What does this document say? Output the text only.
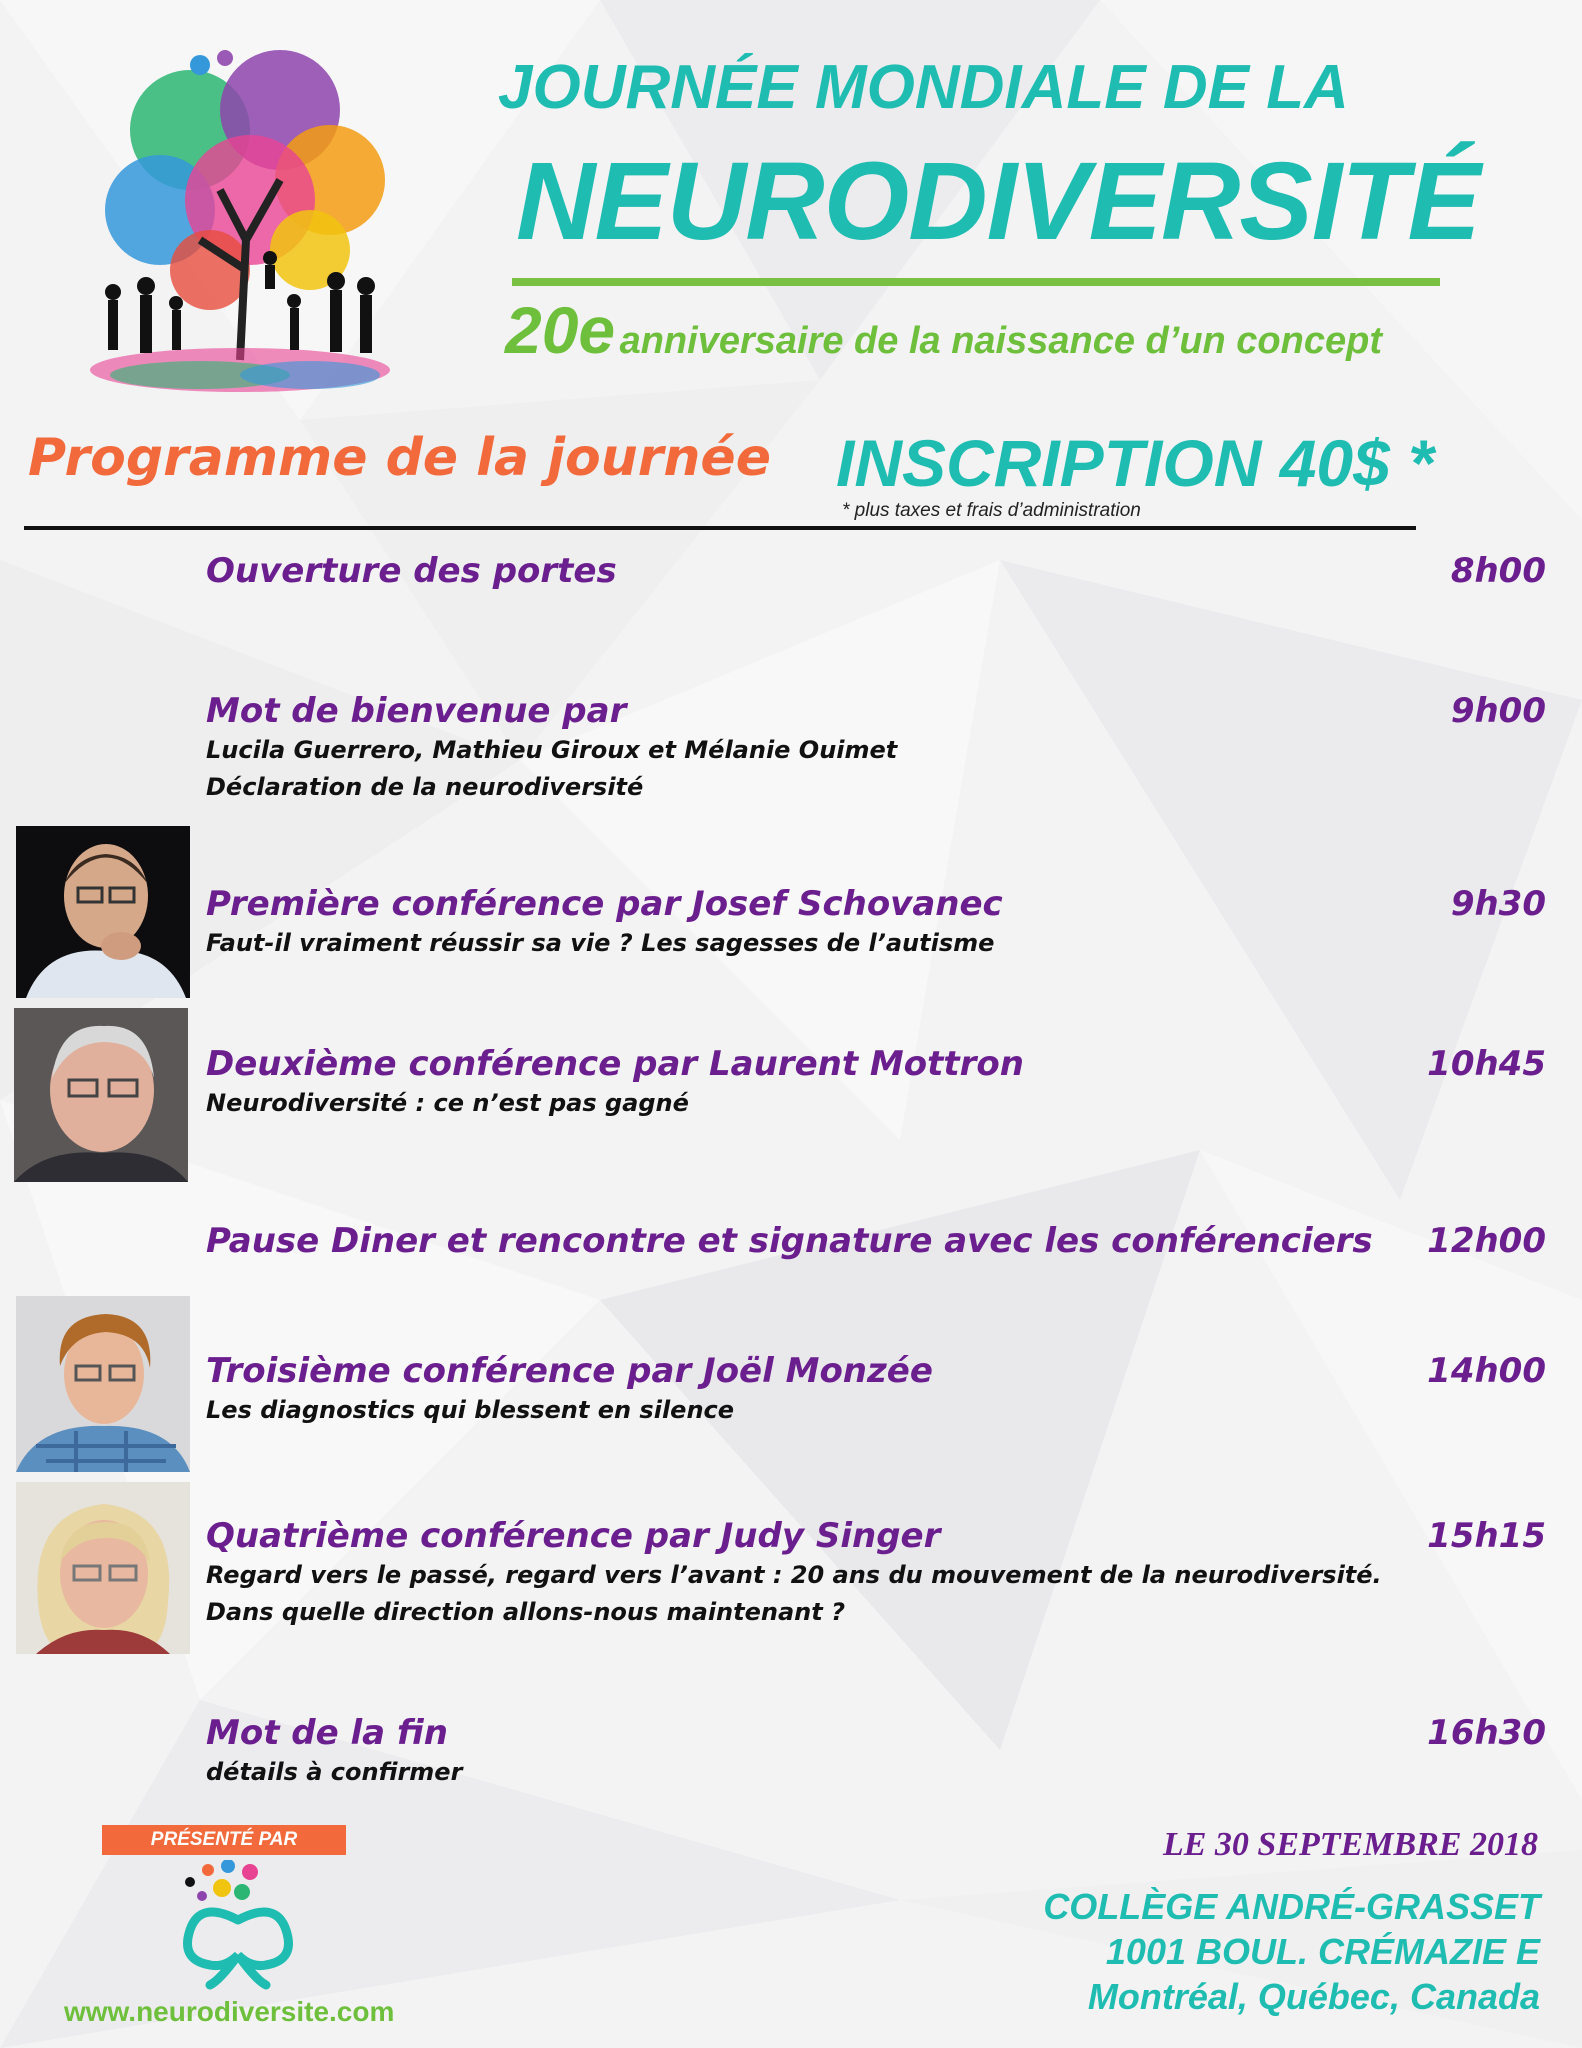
JOURNÉE MONDIALE DE LA
NEURODIVERSITÉ
20e anniversaire de la naissance d’un concept
Programme de la journée INSCRIPTION 40$ *
* plus taxes et frais d’administration
Ouverture des portes	8h00
Mot de bienvenue par
Lucila Guerrero, Mathieu Giroux et Mélanie Ouimet
Déclaration de la neurodiversité
9h00
Première conférence par Josef Schovanec
Faut-il vraiment réussir sa vie ? Les sagesses de l’autisme
9h30
Deuxième conférence par Laurent Mottron
Neurodiversité : ce n’est pas gagné
10h45
Pause Diner et rencontre et signature avec les conférenciers	12h00
Troisième conférence par Joël Monzée
Les diagnostics qui blessent en silence
14h00
Quatrième conférence par Judy Singer
Regard vers le passé, regard vers l’avant : 20 ans du mouvement de la neurodiversité.
Dans quelle direction allons-nous maintenant ?
15h15
Mot de la fin
détails à confirmer
16h30
PRÉSENTÉ PAR
www.neurodiversite.com
LE 30 SEPTEMBRE 2018
COLLÈGE ANDRÉ-GRASSET
1001 BOUL. CRÉMAZIE E
Montréal, Québec, Canada
